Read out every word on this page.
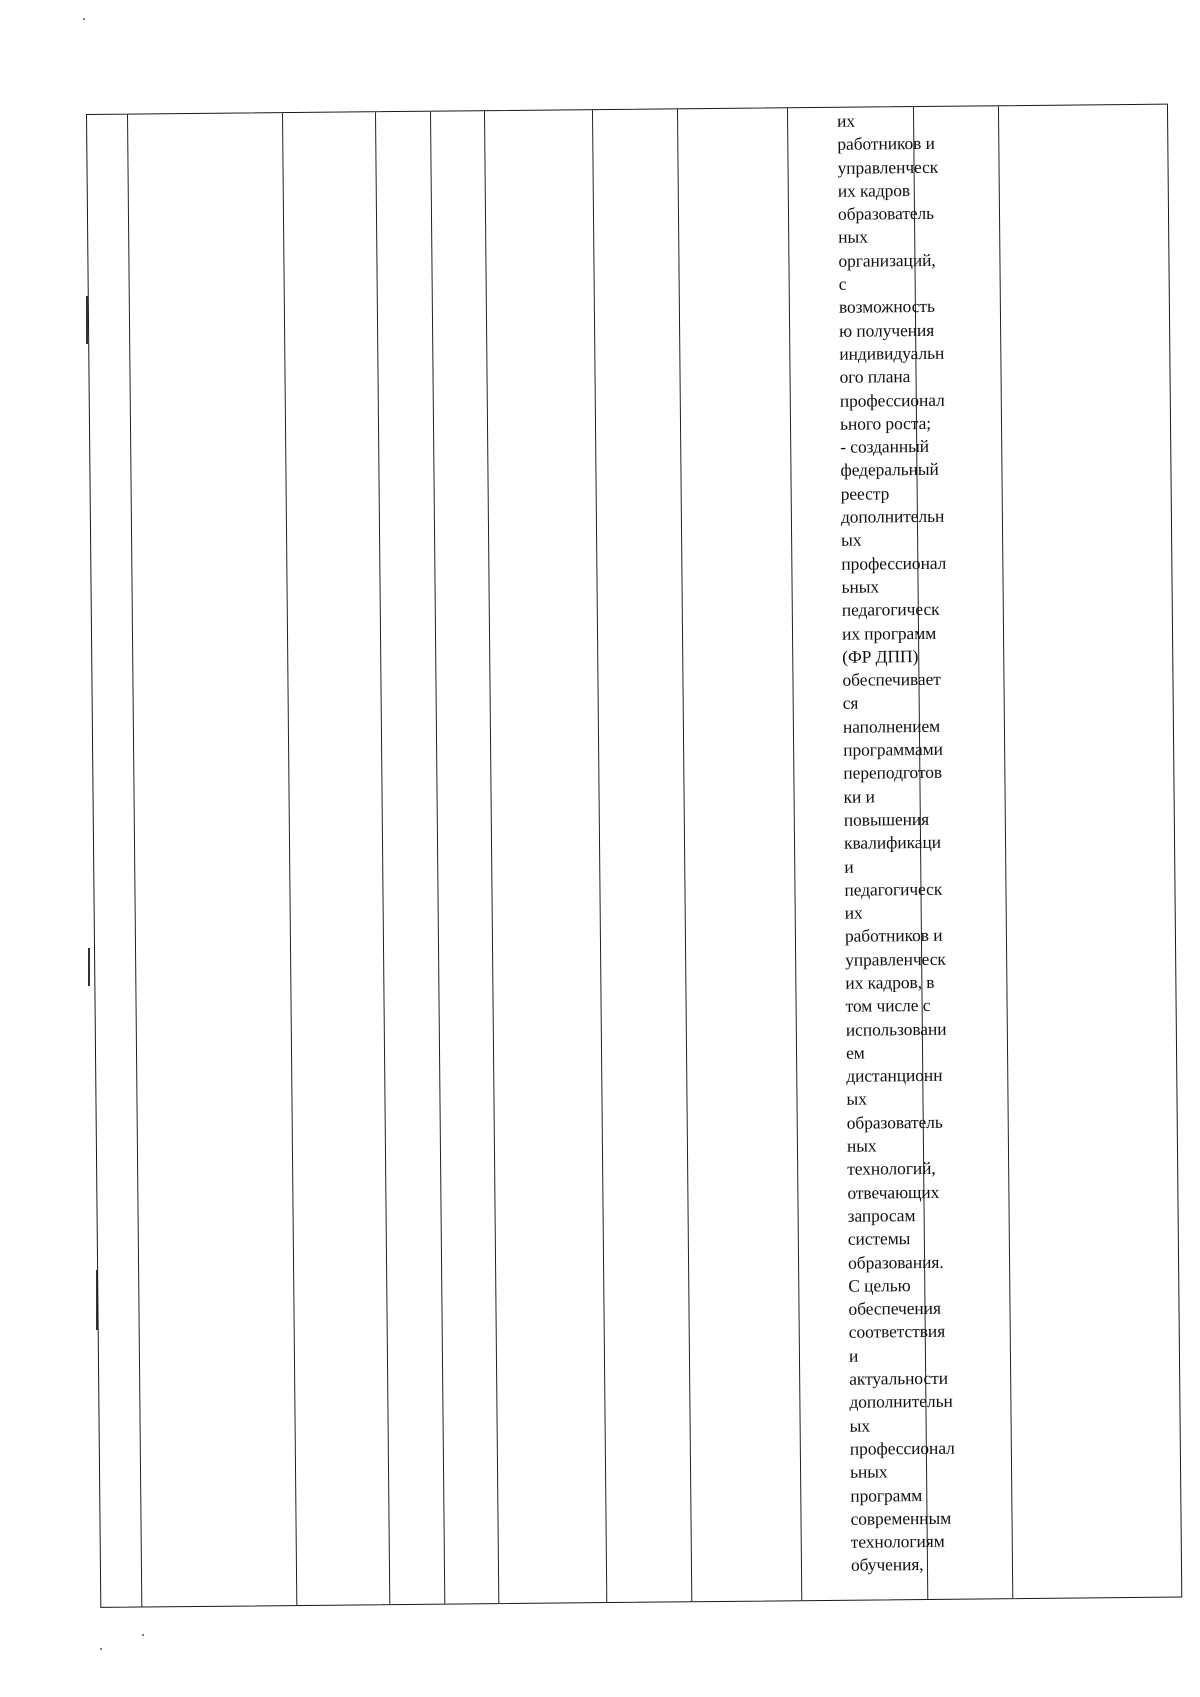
их
работников и
управленческ
их кадров
образователь
ных
организаций,
с
возможность
ю получения
индивидуальн
ого плана
профессионал
ьного роста;
- созданный
федеральный
реестр
дополнительн
ых
профессионал
ьных
педагогическ
их программ
(ФР ДПП)
обеспечивает
ся
наполнением
программами
переподготов
ки и
повышения
квалификаци
и
педагогическ
их
работников и
управленческ
их кадров, в
том числе с
использовани
ем
дистанционн
ых
образователь
ных
технологий,
отвечающих
запросам
системы
образования.
С целью
обеспечения
соответствия
и
актуальности
дополнительн
ых
профессионал
ьных
программ
современным
технологиям
обучения,
